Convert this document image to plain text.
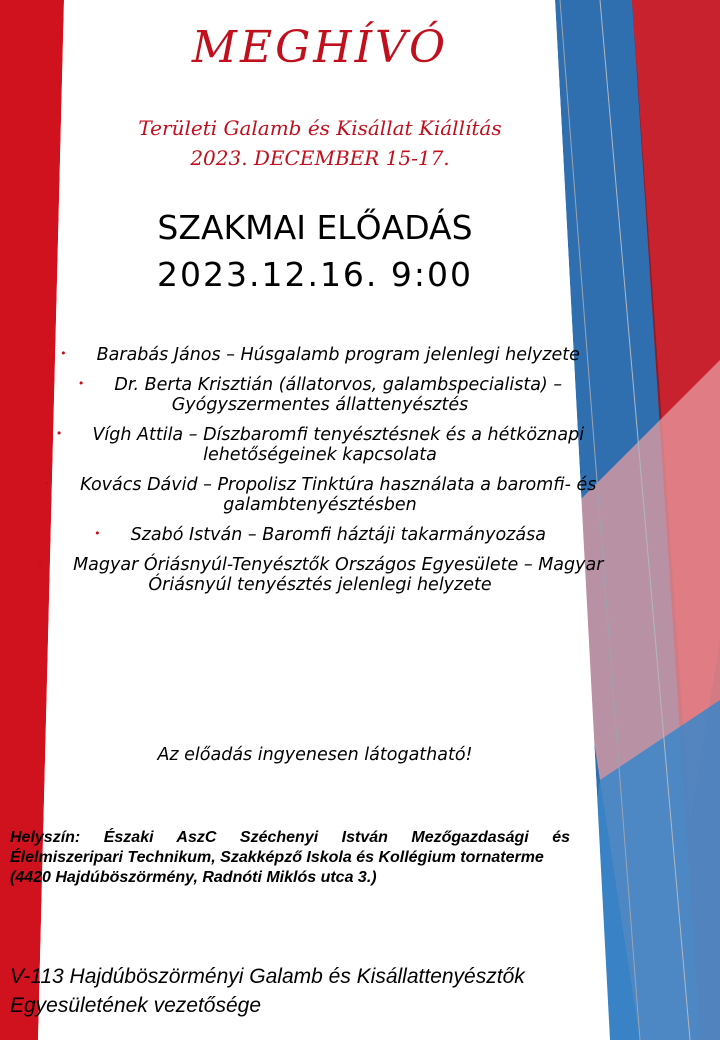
MEGHÍVÓ

Területi Galamb és Kisállat Kiállítás

2023. DECEMBER 15-17.

SZAKMAI ELŐADÁS

2023.12.16. 9:00

• Barabás János – Húsgalamb program jelenlegi helyzete
• Dr. Berta Krisztián (állatorvos, galambspecialista) – Gyógyszermentes állattenyésztés
• Vígh Attila – Díszbaromfi tenyésztésnek és a hétköznapi lehetőségeinek kapcsolata
• Kovács Dávid – Propolisz Tinktúra használata a baromfi- és galambtenyésztésben
• Szabó István – Baromfi háztáji takarmányozása
• Magyar Óriásnyúl-Tenyésztők Országos Egyesülete – Magyar Óriásnyúl tenyésztés jelenlegi helyzete

Az előadás ingyenesen látogatható!

Helyszín: Északi AszC Széchenyi István Mezőgazdasági és Élelmiszeripari Technikum, Szakképző Iskola és Kollégium tornaterme
(4420 Hajdúböszörmény, Radnóti Miklós utca 3.)
V-113 Hajdúböszörményi Galamb és Kisállattenyésztők Egyesületének vezetősége
